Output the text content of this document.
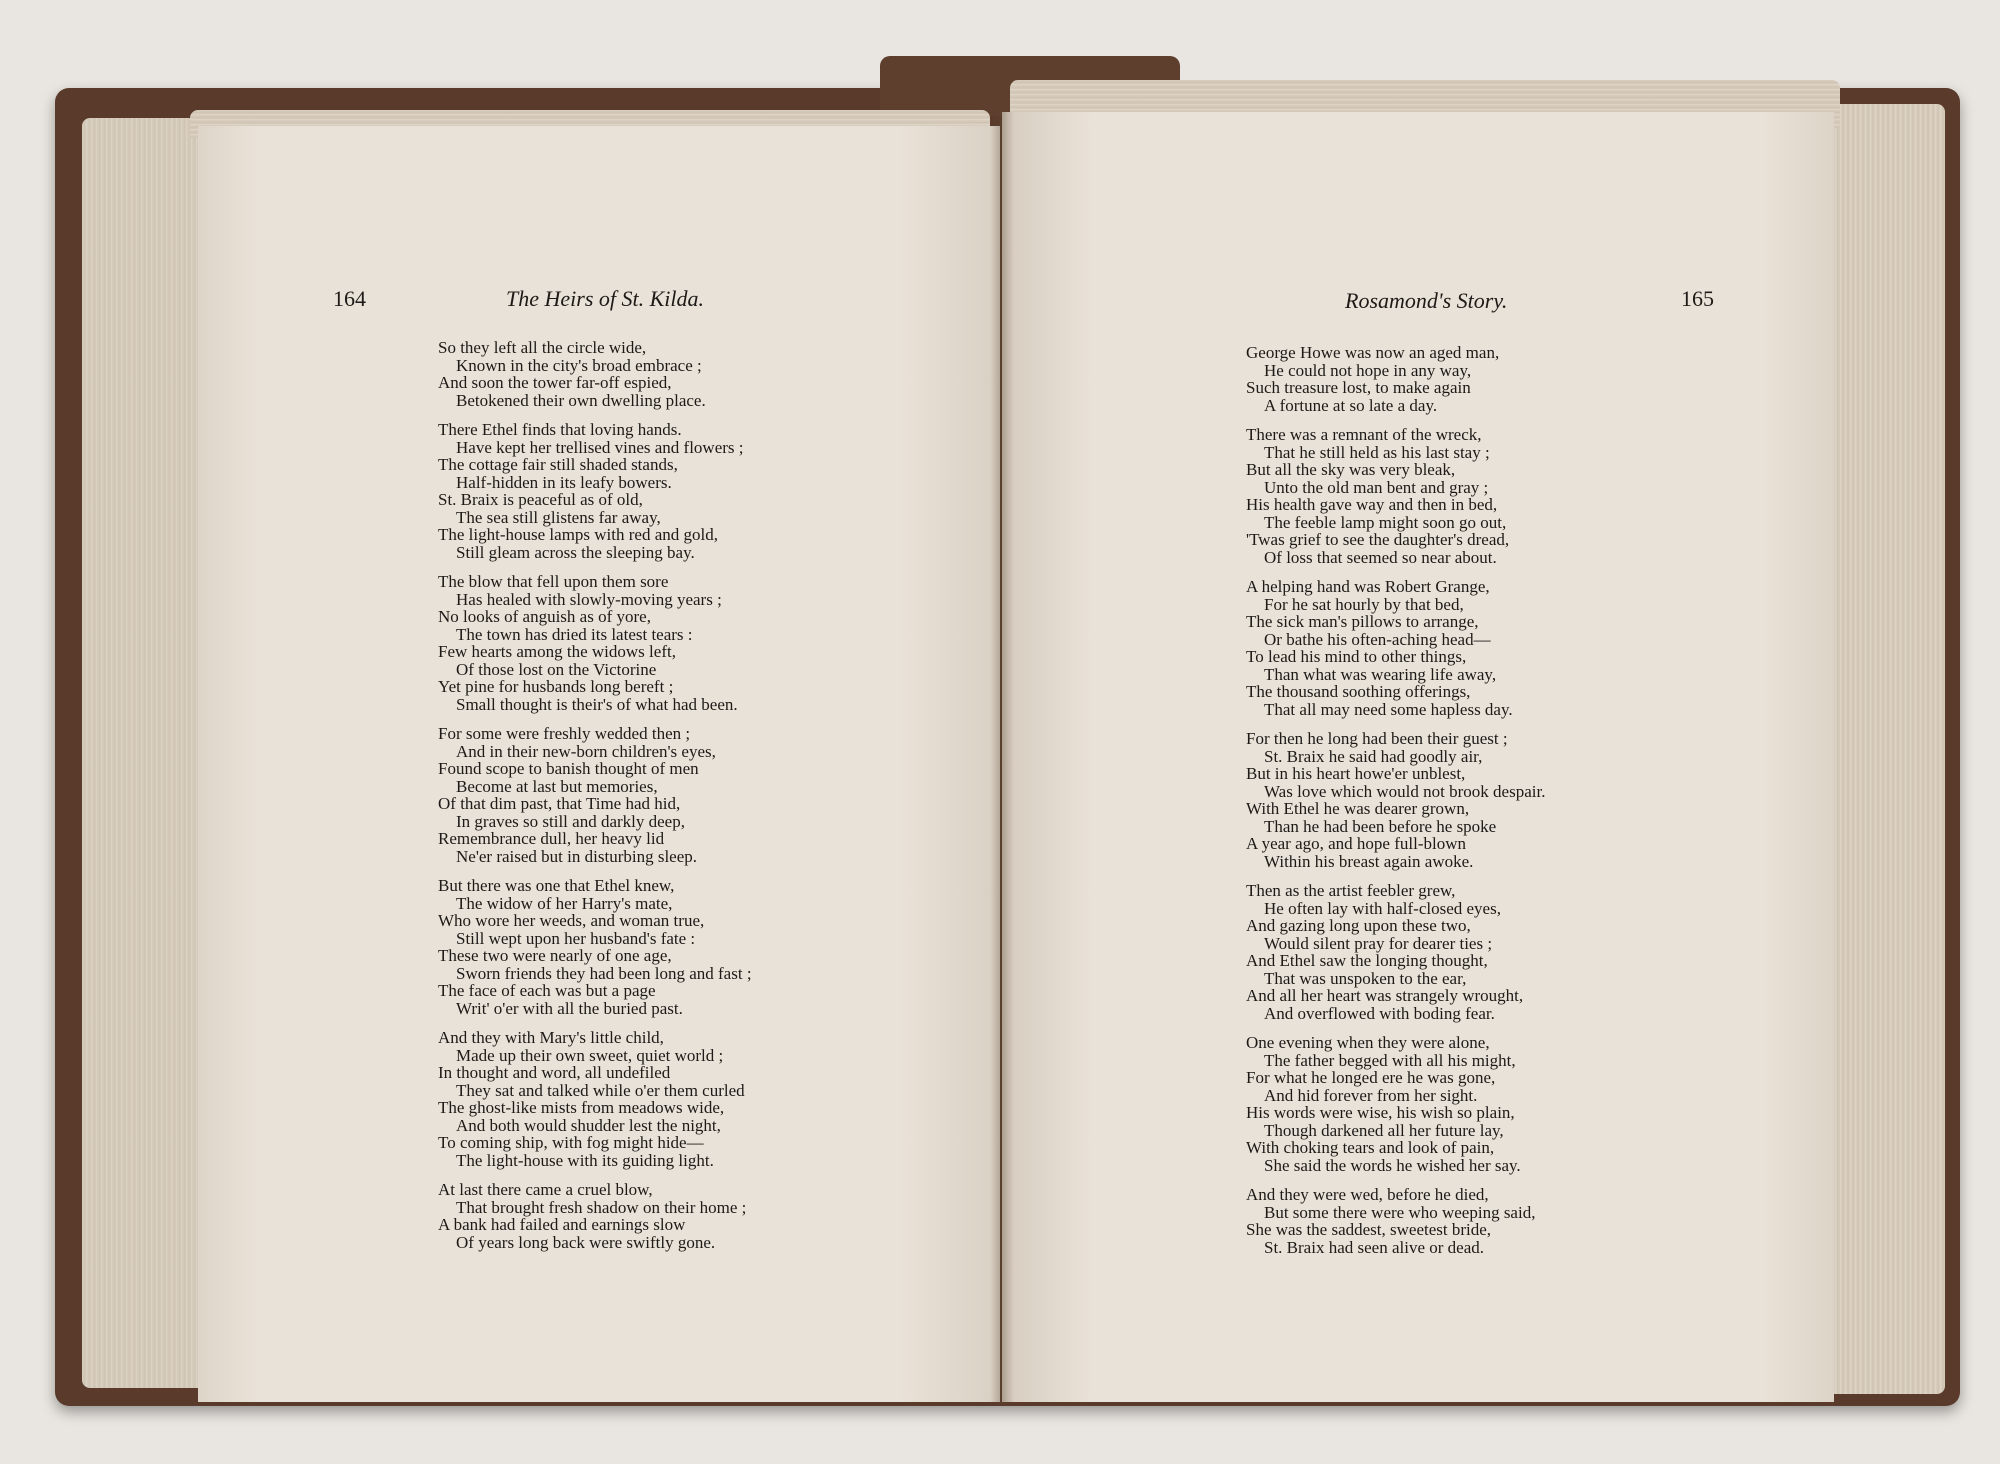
164	The Heirs of St. Kilda.
So they left all the circle wide,
Known in the city's broad embrace ;
And soon the tower far-off espied,
Betokened their own dwelling place.
There Ethel finds that loving hands.
Have kept her trellised vines and flowers ;
The cottage fair still shaded stands,
Half-hidden in its leafy bowers.
St. Braix is peaceful as of old,
The sea still glistens far away,
The light-house lamps with red and gold,
Still gleam across the sleeping bay.
The blow that fell upon them sore
Has healed with slowly-moving years ;
No looks of anguish as of yore,
The town has dried its latest tears :
Few hearts among the widows left,
Of those lost on the Victorine
Yet pine for husbands long bereft ;
Small thought is their's of what had been.
For some were freshly wedded then ;
And in their new-born children's eyes,
Found scope to banish thought of men
Become at last but memories,
Of that dim past, that Time had hid,
In graves so still and darkly deep,
Remembrance dull, her heavy lid
Ne'er raised but in disturbing sleep.
But there was one that Ethel knew,
The widow of her Harry's mate,
Who wore her weeds, and woman true,
Still wept upon her husband's fate :
These two were nearly of one age,
Sworn friends they had been long and fast ;
The face of each was but a page
Writ' o'er with all the buried past.
And they with Mary's little child,
Made up their own sweet, quiet world ;
In thought and word, all undefiled
They sat and talked while o'er them curled
The ghost-like mists from meadows wide,
And both would shudder lest the night,
To coming ship, with fog might hide—
The light-house with its guiding light.
At last there came a cruel blow,
That brought fresh shadow on their home ;
A bank had failed and earnings slow
Of years long back were swiftly gone.
Rosamond's Story.	165
George Howe was now an aged man,
He could not hope in any way,
Such treasure lost, to make again
A fortune at so late a day.
There was a remnant of the wreck,
That he still held as his last stay ;
But all the sky was very bleak,
Unto the old man bent and gray ;
His health gave way and then in bed,
The feeble lamp might soon go out,
'Twas grief to see the daughter's dread,
Of loss that seemed so near about.
A helping hand was Robert Grange,
For he sat hourly by that bed,
The sick man's pillows to arrange,
Or bathe his often-aching head—
To lead his mind to other things,
Than what was wearing life away,
The thousand soothing offerings,
That all may need some hapless day.
For then he long had been their guest ;
St. Braix he said had goodly air,
But in his heart howe'er unblest,
Was love which would not brook despair.
With Ethel he was dearer grown,
Than he had been before he spoke
A year ago, and hope full-blown
Within his breast again awoke.
Then as the artist feebler grew,
He often lay with half-closed eyes,
And gazing long upon these two,
Would silent pray for dearer ties ;
And Ethel saw the longing thought,
That was unspoken to the ear,
And all her heart was strangely wrought,
And overflowed with boding fear.
One evening when they were alone,
The father begged with all his might,
For what he longed ere he was gone,
And hid forever from her sight.
His words were wise, his wish so plain,
Though darkened all her future lay,
With choking tears and look of pain,
She said the words he wished her say.
And they were wed, before he died,
But some there were who weeping said,
She was the saddest, sweetest bride,
St. Braix had seen alive or dead.
